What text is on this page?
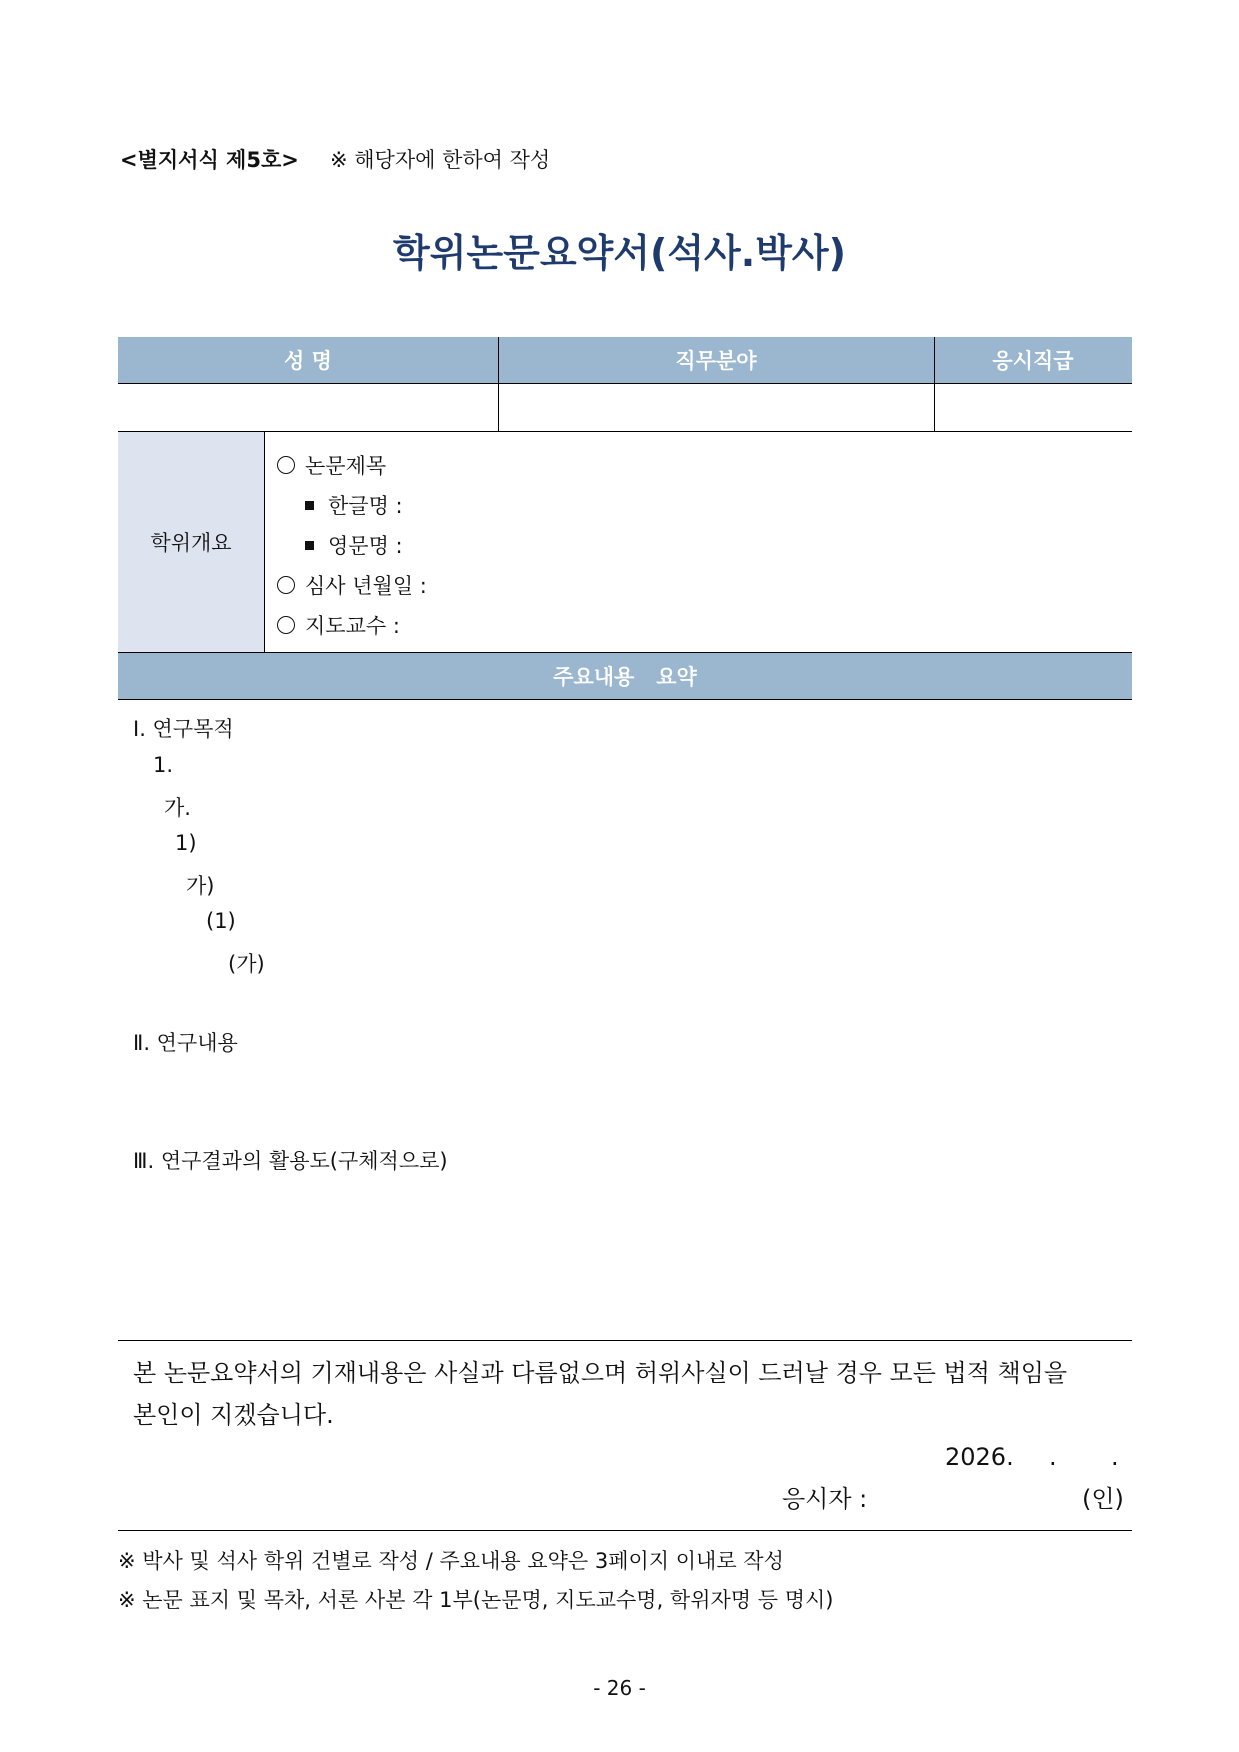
<별지서식 제5호> ※ 해당자에 한하여 작성
학위논문요약서(석사.박사)
성 명	직무분야	응시직급
학위개요
논문제목
한글명 :
영문명 :
심사 년월일 :
지도교수 :
주요내용   요약
Ⅰ. 연구목적
1.
가.
1)
가)
(1)
(가)
Ⅱ. 연구내용
Ⅲ. 연구결과의 활용도(구체적으로)
본 논문요약서의 기재내용은 사실과 다름없으며 허위사실이 드러날 경우 모든 법적 책임을
본인이 지겠습니다.
2026. . .
응시자 :	(인)
※ 박사 및 석사 학위 건별로 작성 / 주요내용 요약은 3페이지 이내로 작성
※ 논문 표지 및 목차, 서론 사본 각 1부(논문명, 지도교수명, 학위자명 등 명시)
- 26 -
